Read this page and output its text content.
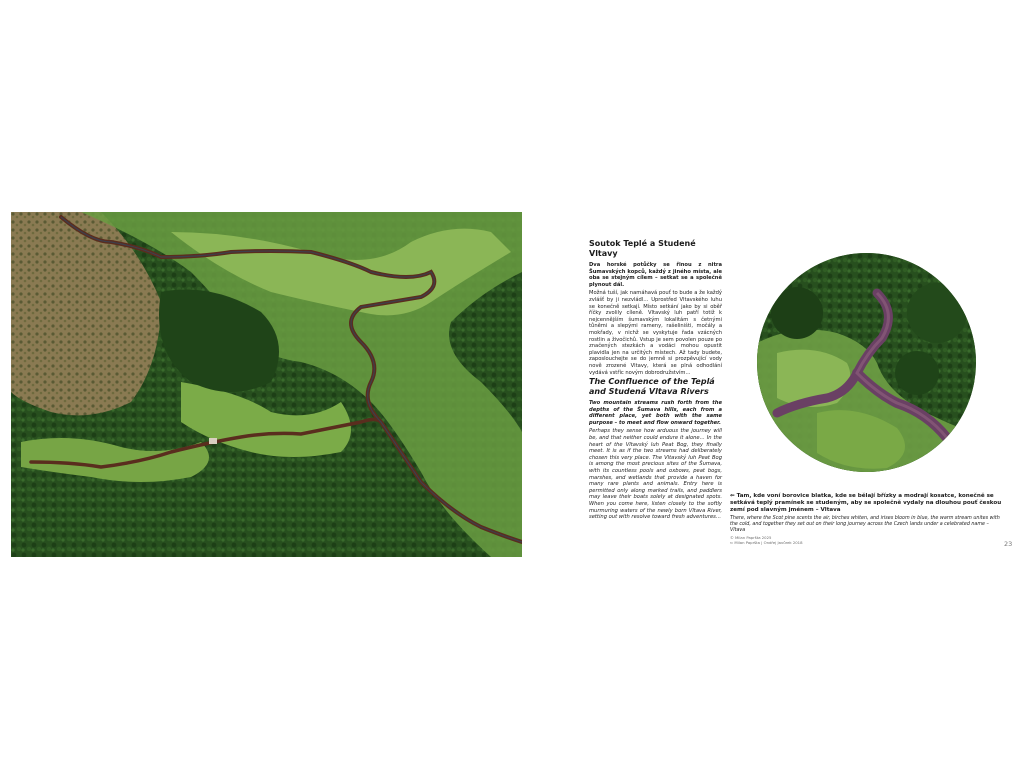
Soutok Teplé a Studené Vltavy

Dva horské potůčky se řinou z nitra Šumavských kopců, každý z jiného místa, ale oba se stejným cílem – setkat se a společně plynout dál.

Možná tuší, jak namáhavá pouť to bude a že každý zvlášť by ji nezvládl… Uprostřed Vltavského luhu se konečně setkají. Místo setkání jako by si oběř říčky zvolily cíleně. Vltavský luh patří totiž k nejcennějším šumavským lokalitám s četnými tůněmi a slepými rameny, rašeliništi, močály a mokřady, v nichž se vyskytuje řada vzácných rostlin a živočichů. Vstup je sem povolen pouze po značených stezkách a vodáci mohou opustit plavidla jen na určitých místech. Až tady budete, zaposlouchejte se do jemně si prozpěvující vody nově zrozené Vltavy, která se plná odhodlání vydává vstříc novým dobrodružstvím…

The Confluence of the Teplá and Studená Vltava Rivers

Two mountain streams rush forth from the depths of the Šumava hills, each from a different place, yet both with the same purpose – to meet and flow onward together.

Perhaps they sense how arduous the journey will be, and that neither could endure it alone… In the heart of the Vltavský luh Peat Bog, they finally meet. It is as if the two streams had deliberately chosen this very place. The Vltavský luh Peat Bog is among the most precious sites of the Šumava, with its countless pools and oxbows, peat bogs, marshes, and wetlands that provide a haven for many rare plants and animals. Entry here is permitted only along marked trails, and paddlers may leave their boats solely at designated spots. When you come here, listen closely to the softly murmuring waters of the newly born Vltava River, setting out with resolve toward fresh adventures…

⇐ Tam, kde voní borovice blatka, kde se bělají břízky a modrají kosatce, konečně se setkává teplý pramínek se studeným, aby se společně vydaly na dlouhou pouť českou zemí pod slavným jménem – Vltava

There, where the Scot pine scents the air, birches whiten, and irises bloom in blue, the warm stream unites with the cold, and together they set out on their long journey across the Czech lands under a celebrated name – Vltava

© Milan Papršta 2025

⇐ Milan Papršta | Ondřej Javůrek 2018	23
